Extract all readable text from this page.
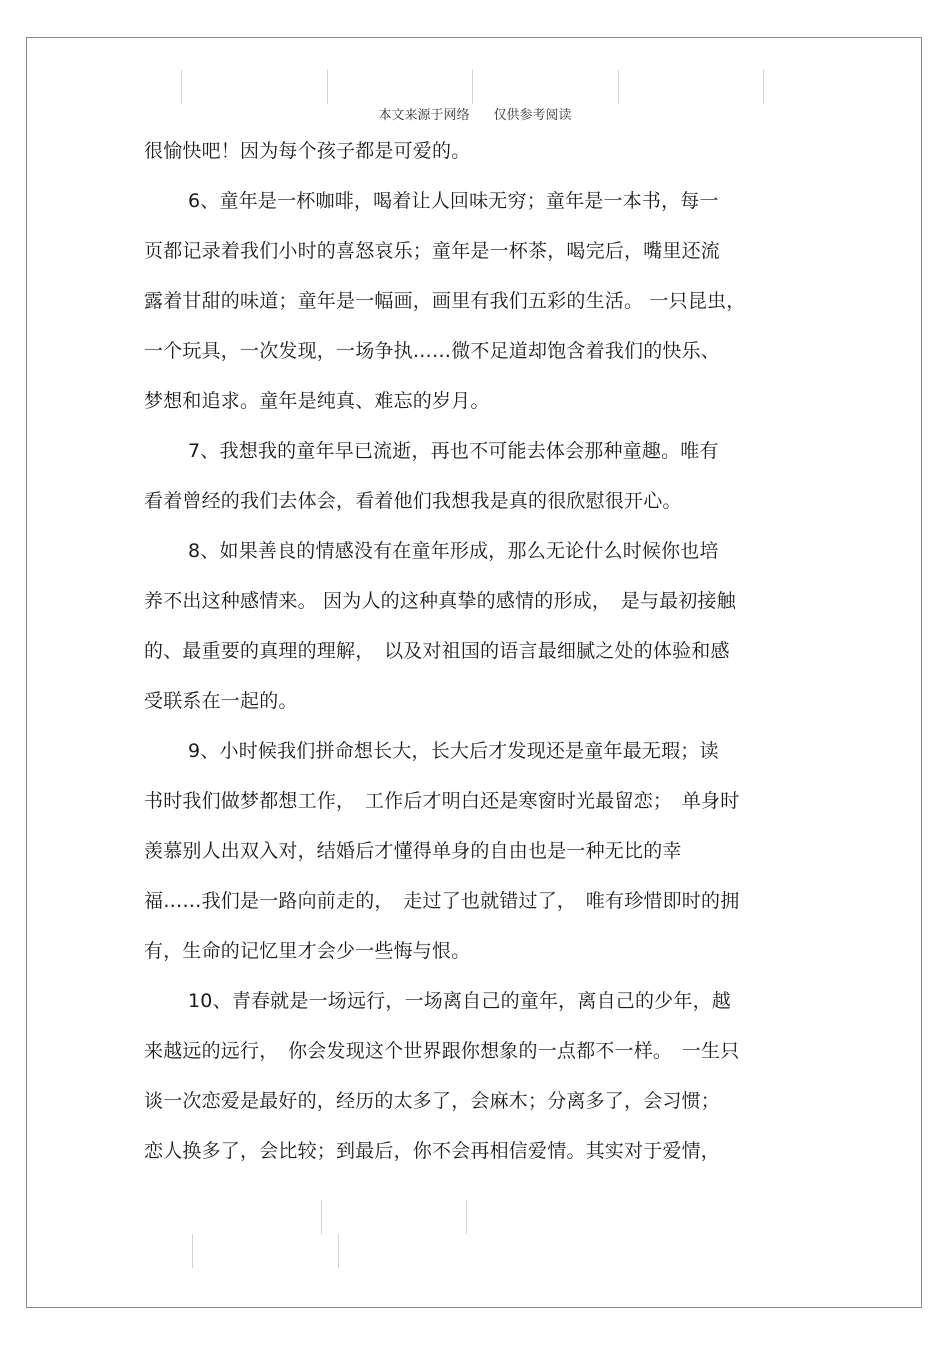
本文来源于网络 仅供参考阅读
很愉快吧！因为每个孩子都是可爱的。
6、童年是一杯咖啡，喝着让人回味无穷；童年是一本书，每一
页都记录着我们小时的喜怒哀乐；童年是一杯茶，喝完后，嘴里还流
露着甘甜的味道；童年是一幅画，画里有我们五彩的生活。 一只昆虫，
一个玩具，一次发现，一场争执……微不足道却饱含着我们的快乐、
梦想和追求。童年是纯真、难忘的岁月。
7、我想我的童年早已流逝，再也不可能去体会那种童趣。唯有
看着曾经的我们去体会，看着他们我想我是真的很欣慰很开心。
8、如果善良的情感没有在童年形成，那么无论什么时候你也培
养不出这种感情来。 因为人的这种真挚的感情的形成，　是与最初接触
的、最重要的真理的理解，　以及对祖国的语言最细腻之处的体验和感
受联系在一起的。
9、小时候我们拼命想长大，长大后才发现还是童年最无瑕；读
书时我们做梦都想工作，　工作后才明白还是寒窗时光最留恋；　单身时
羡慕别人出双入对，结婚后才懂得单身的自由也是一种无比的幸
福……我们是一路向前走的，　走过了也就错过了，　唯有珍惜即时的拥
有，生命的记忆里才会少一些悔与恨。
10、青春就是一场远行，一场离自己的童年，离自己的少年，越
来越远的远行，　你会发现这个世界跟你想象的一点都不一样。　一生只
谈一次恋爱是最好的，经历的太多了，会麻木；分离多了，会习惯；
恋人换多了，会比较；到最后，你不会再相信爱情。其实对于爱情，
